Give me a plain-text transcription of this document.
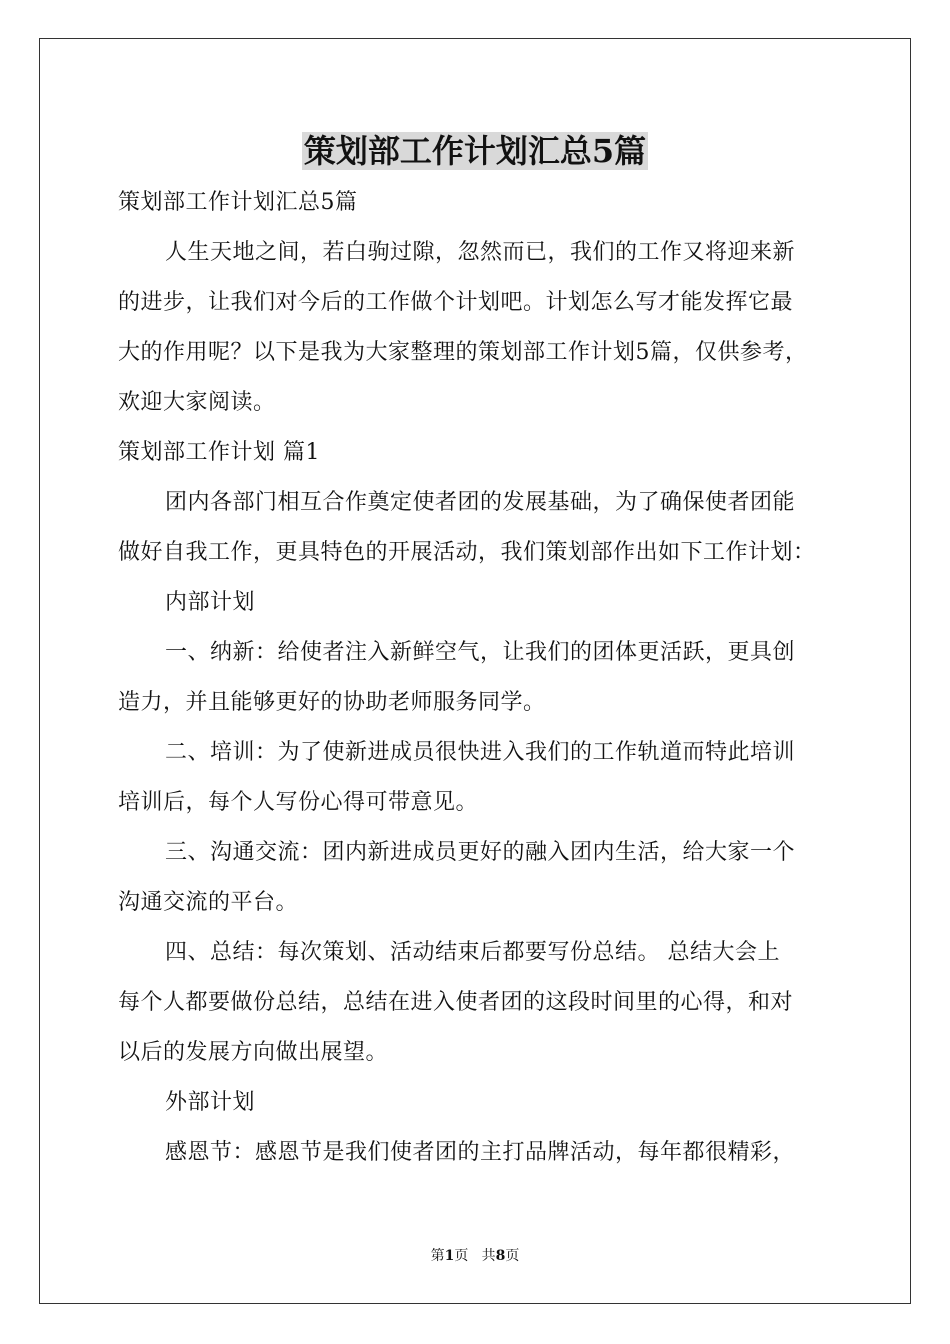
策划部工作计划汇总5篇
策划部工作计划汇总5篇
人生天地之间，若白驹过隙，忽然而已，我们的工作又将迎来新
的进步，让我们对今后的工作做个计划吧。计划怎么写才能发挥它最
大的作用呢？以下是我为大家整理的策划部工作计划5篇，仅供参考，
欢迎大家阅读。
策划部工作计划 篇1
团内各部门相互合作奠定使者团的发展基础，为了确保使者团能
做好自我工作，更具特色的开展活动，我们策划部作出如下工作计划：
内部计划
一、纳新：给使者注入新鲜空气，让我们的团体更活跃，更具创
造力，并且能够更好的协助老师服务同学。
二、培训：为了使新进成员很快进入我们的工作轨道而特此培训
培训后，每个人写份心得可带意见。
三、沟通交流：团内新进成员更好的融入团内生活，给大家一个
沟通交流的平台。
四、总结：每次策划、活动结束后都要写份总结。 总结大会上
每个人都要做份总结，总结在进入使者团的这段时间里的心得，和对
以后的发展方向做出展望。
外部计划
感恩节：感恩节是我们使者团的主打品牌活动，每年都很精彩，
第1页 共8页
